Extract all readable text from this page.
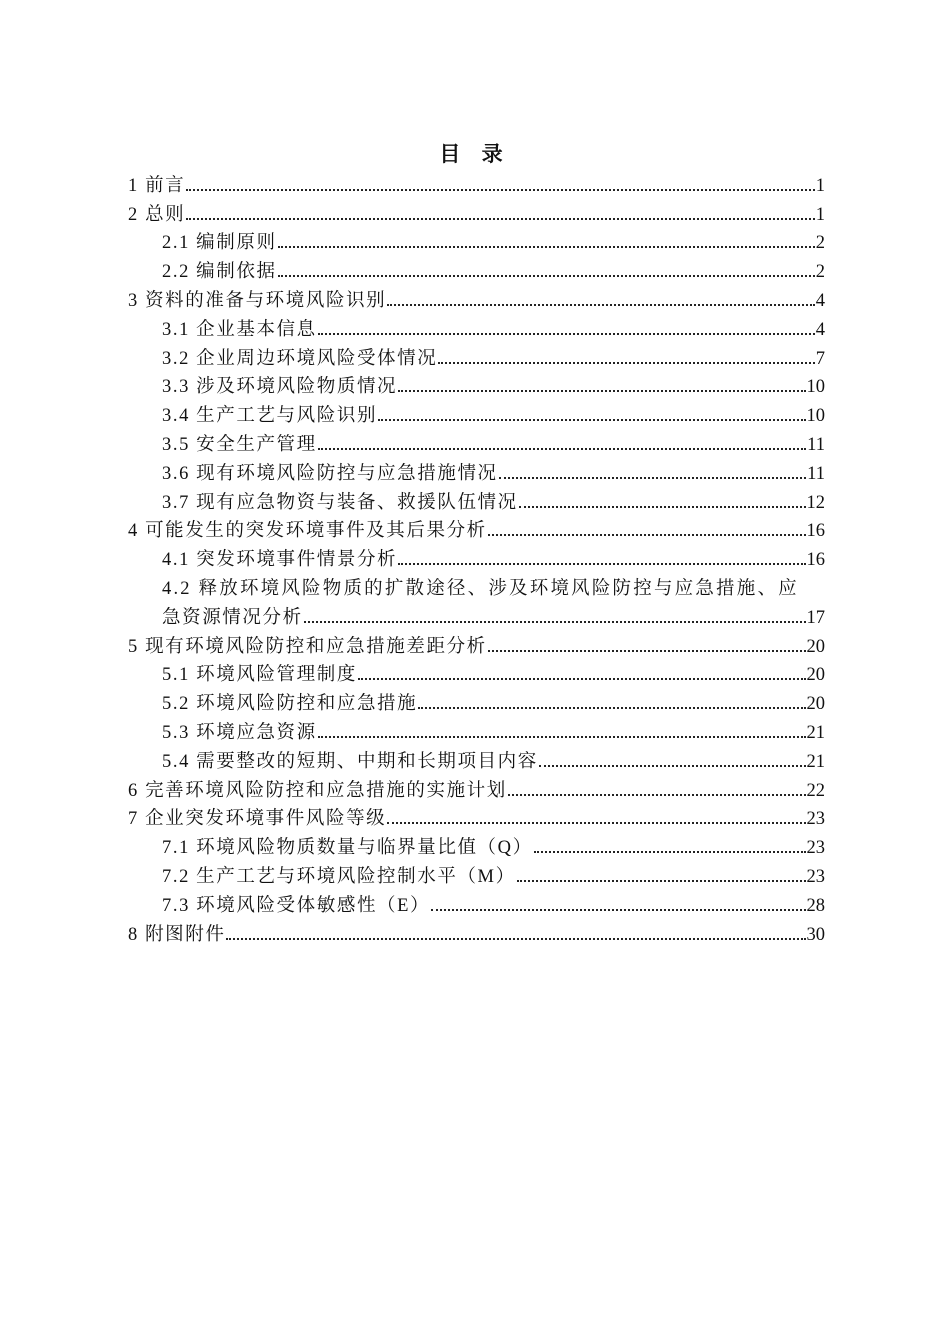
目 录
1 前言	1
2 总则	1
2.1 编制原则	2
2.2 编制依据	2
3 资料的准备与环境风险识别	4
3.1 企业基本信息	4
3.2 企业周边环境风险受体情况	7
3.3 涉及环境风险物质情况	10
3.4 生产工艺与风险识别	10
3.5 安全生产管理	11
3.6 现有环境风险防控与应急措施情况	11
3.7 现有应急物资与装备、救援队伍情况	12
4 可能发生的突发环境事件及其后果分析	16
4.1 突发环境事件情景分析	16
4.2 释放环境风险物质的扩散途径、涉及环境风险防控与应急措施、应
急资源情况分析	17
5 现有环境风险防控和应急措施差距分析	20
5.1 环境风险管理制度	20
5.2 环境风险防控和应急措施	20
5.3 环境应急资源	21
5.4 需要整改的短期、中期和长期项目内容	21
6 完善环境风险防控和应急措施的实施计划	22
7 企业突发环境事件风险等级	23
7.1 环境风险物质数量与临界量比值（Q）	23
7.2 生产工艺与环境风险控制水平（M）	23
7.3 环境风险受体敏感性（E）	28
8 附图附件	30
